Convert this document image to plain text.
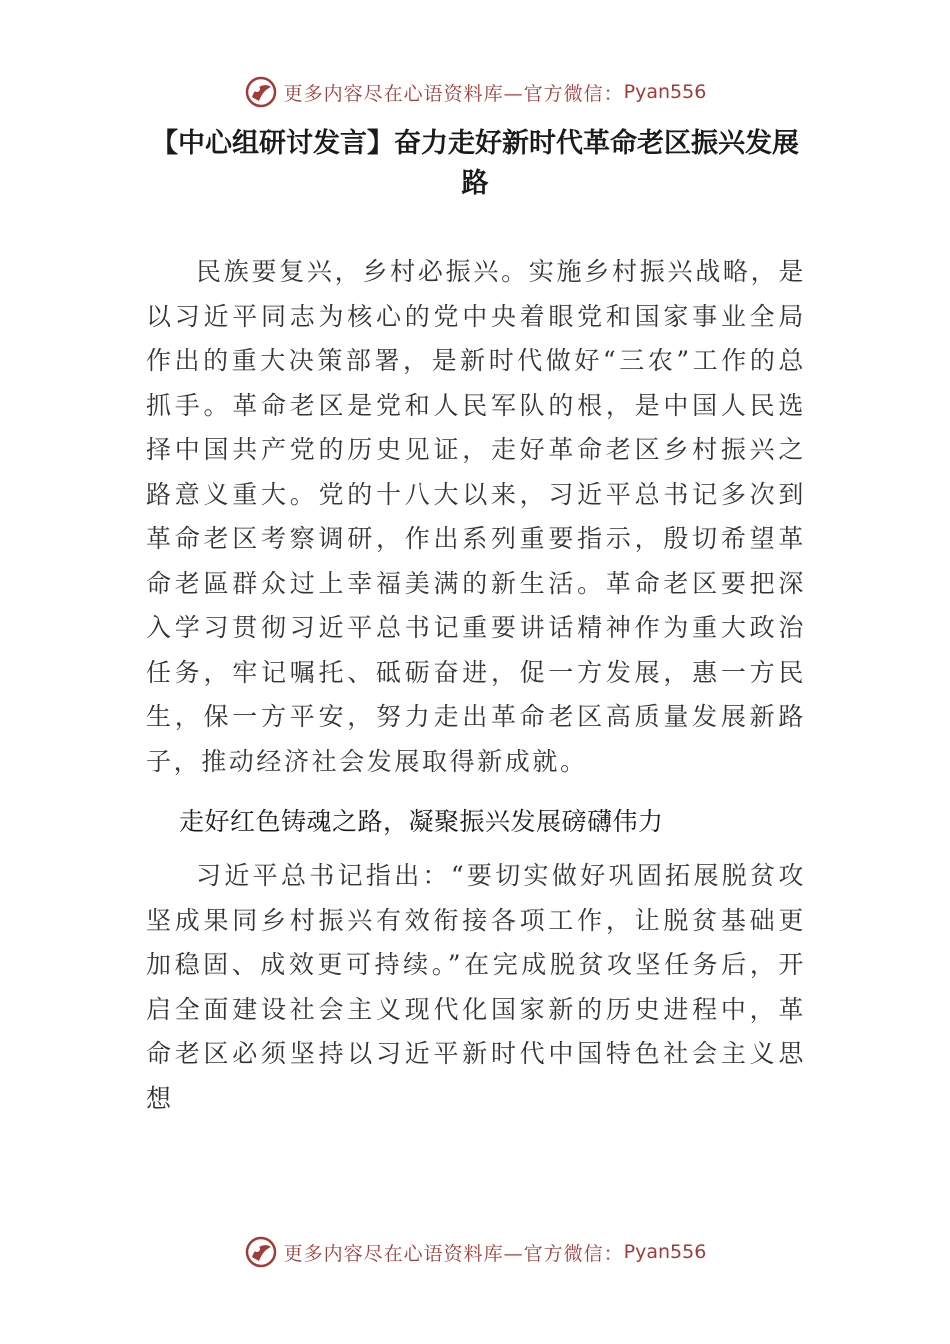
更多内容尽在心语资料库—官方微信： Pyan556
【中心组研讨发言】奋力走好新时代革命老区振兴发展路

民族要复兴，乡村必振兴。实施乡村振兴战略，是以习近平同志为核心的党中央着眼党和国家事业全局作出的重大决策部署，是新时代做好“三农”工作的总抓手。革命老区是党和人民军队的根，是中国人民选择中国共产党的历史见证，走好革命老区乡村振兴之路意义重大。党的十八大以来，习近平总书记多次到革命老区考察调研，作出系列重要指示，殷切希望革命老區群众过上幸福美满的新生活。革命老区要把深入学习贯彻习近平总书记重要讲话精神作为重大政治任务，牢记嘱托、砥砺奋进，促一方发展，惠一方民生，保一方平安，努力走出革命老区高质量发展新路子，推动经济社会发展取得新成就。

走好红色铸魂之路，凝聚振兴发展磅礴伟力

习近平总书记指出：“要切实做好巩固拓展脱贫攻坚成果同乡村振兴有效衔接各项工作，让脱贫基础更加稳固、成效更可持续。”在完成脱贫攻坚任务后，开启全面建设社会主义现代化国家新的历史进程中，革命老区必须坚持以习近平新时代中国特色社会主义思想

更多内容尽在心语资料库—官方微信： Pyan556
